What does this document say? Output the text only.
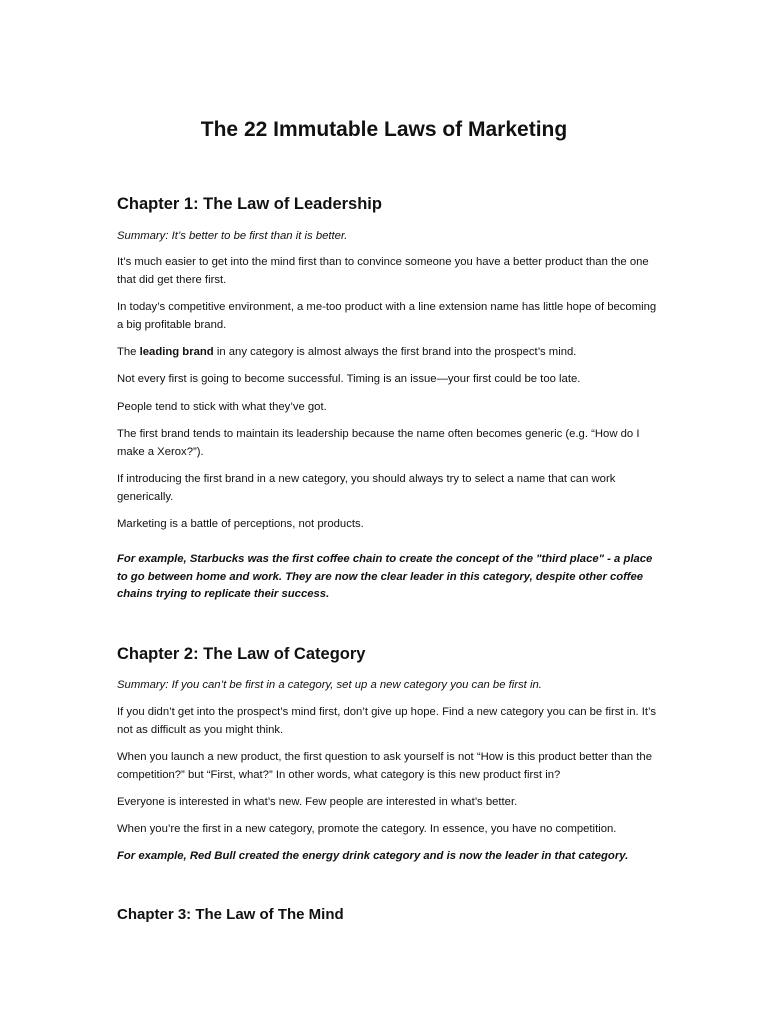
The 22 Immutable Laws of Marketing
Chapter 1: The Law of Leadership

Summary: It’s better to be first than it is better.

It’s much easier to get into the mind first than to convince someone you have a better product than the one that did get there first.

In today’s competitive environment, a me-too product with a line extension name has little hope of becoming a big profitable brand.

The leading brand in any category is almost always the first brand into the prospect’s mind.

Not every first is going to become successful. Timing is an issue—your first could be too late.

People tend to stick with what they’ve got.

The first brand tends to maintain its leadership because the name often becomes generic (e.g. “How do I make a Xerox?”).

If introducing the first brand in a new category, you should always try to select a name that can work generically.

Marketing is a battle of perceptions, not products.

For example, Starbucks was the first coffee chain to create the concept of the "third place" - a place to go between home and work. They are now the clear leader in this category, despite other coffee chains trying to replicate their success.

Chapter 2: The Law of Category

Summary: If you can’t be first in a category, set up a new category you can be first in.

If you didn’t get into the prospect’s mind first, don’t give up hope. Find a new category you can be first in. It’s not as difficult as you might think.

When you launch a new product, the first question to ask yourself is not “How is this product better than the competition?” but “First, what?” In other words, what category is this new product first in?

Everyone is interested in what’s new. Few people are interested in what’s better.

When you’re the first in a new category, promote the category. In essence, you have no competition.

For example, Red Bull created the energy drink category and is now the leader in that category.

Chapter 3: The Law of The Mind
